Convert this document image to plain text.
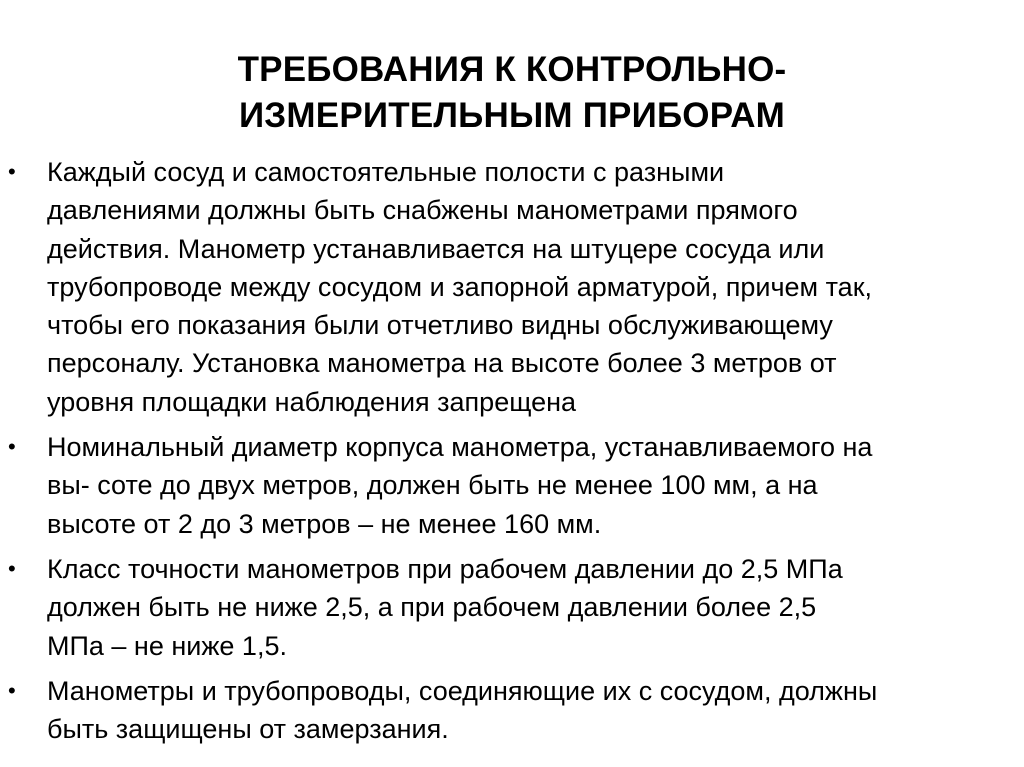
ТРЕБОВАНИЯ К КОНТРОЛЬНО-
ИЗМЕРИТЕЛЬНЫМ ПРИБОРАМ
•	Каждый сосуд и самостоятельные полости с разными
давлениями должны быть снабжены манометрами прямого
действия. Манометр устанавливается на штуцере сосуда или
трубопроводе между сосудом и запорной арматурой, причем так,
чтобы его показания были отчетливо видны обслуживающему
персоналу. Установка манометра на высоте более 3 метров от
уровня площадки наблюдения запрещена
•	Номинальный диаметр корпуса манометра, устанавливаемого на
вы- соте до двух метров, должен быть не менее 100 мм, а на
высоте от 2 до 3 метров – не менее 160 мм.
•	Класс точности манометров при рабочем давлении до 2,5 МПа
должен быть не ниже 2,5, а при рабочем давлении более 2,5
МПа – не ниже 1,5.
•	Манометры и трубопроводы, соединяющие их с сосудом, должны
быть защищены от замерзания.
